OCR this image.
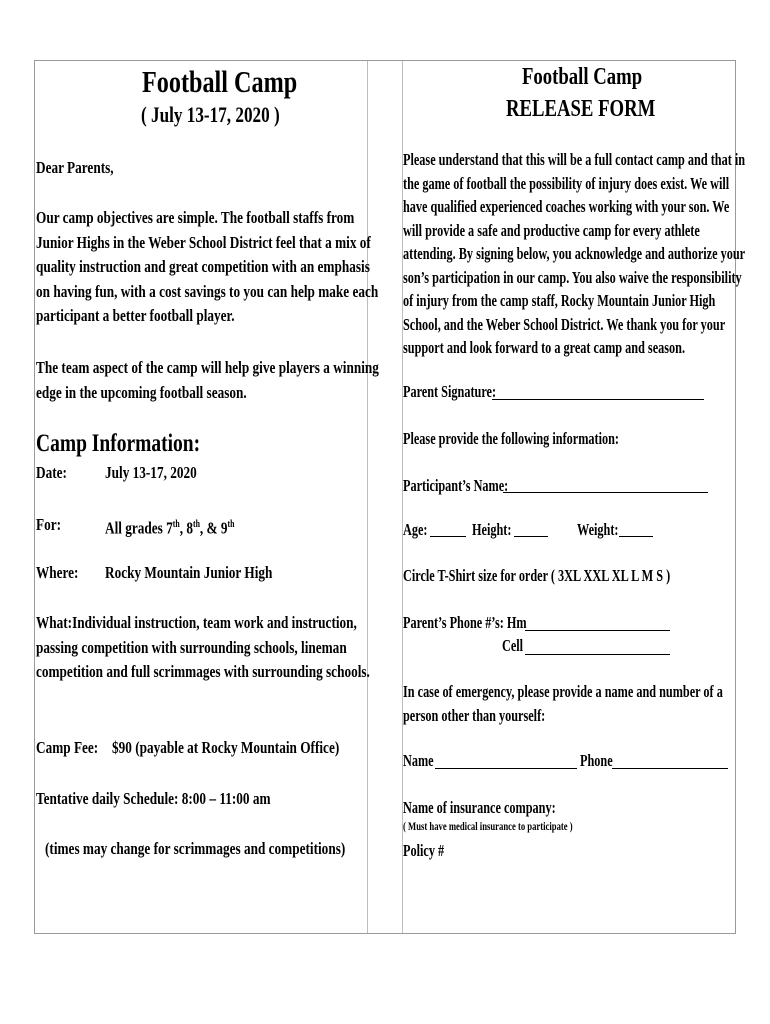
Football Camp
( July 13-17, 2020 )
Dear Parents,
Our camp objectives are simple. The football staffs from
Junior Highs in the Weber School District feel that a mix of
quality instruction and great competition with an emphasis
on having fun, with a cost savings to you can help make each
participant a better football player.
The team aspect of the camp will help give players a winning
edge in the upcoming football season.
Camp Information:
Date:	July 13-17, 2020
For:	All grades 7th, 8th, & 9th
Where:	Rocky Mountain Junior High
What:Individual instruction, team work and instruction,
passing competition with surrounding schools, lineman
competition and full scrimmages with surrounding schools.
Camp Fee: $90 (payable at Rocky Mountain Office)
Tentative daily Schedule: 8:00 – 11:00 am
(times may change for scrimmages and competitions)
Football Camp
RELEASE FORM
Please understand that this will be a full contact camp and that in
the game of football the possibility of injury does exist. We will
have qualified experienced coaches working with your son. We
will provide a safe and productive camp for every athlete
attending. By signing below, you acknowledge and authorize your
son’s participation in our camp. You also waive the responsibility
of injury from the camp staff, Rocky Mountain Junior High
School, and the Weber School District. We thank you for your
support and look forward to a great camp and season.
Parent Signature:
Please provide the following information:
Participant’s Name:
Age:	Height:	Weight:
Circle T-Shirt size for order ( 3XL XXL XL L M S )
Parent’s Phone #’s: Hm
Cell
In case of emergency, please provide a name and number of a
person other than yourself:
Name	Phone
Name of insurance company:
( Must have medical insurance to participate )
Policy #
